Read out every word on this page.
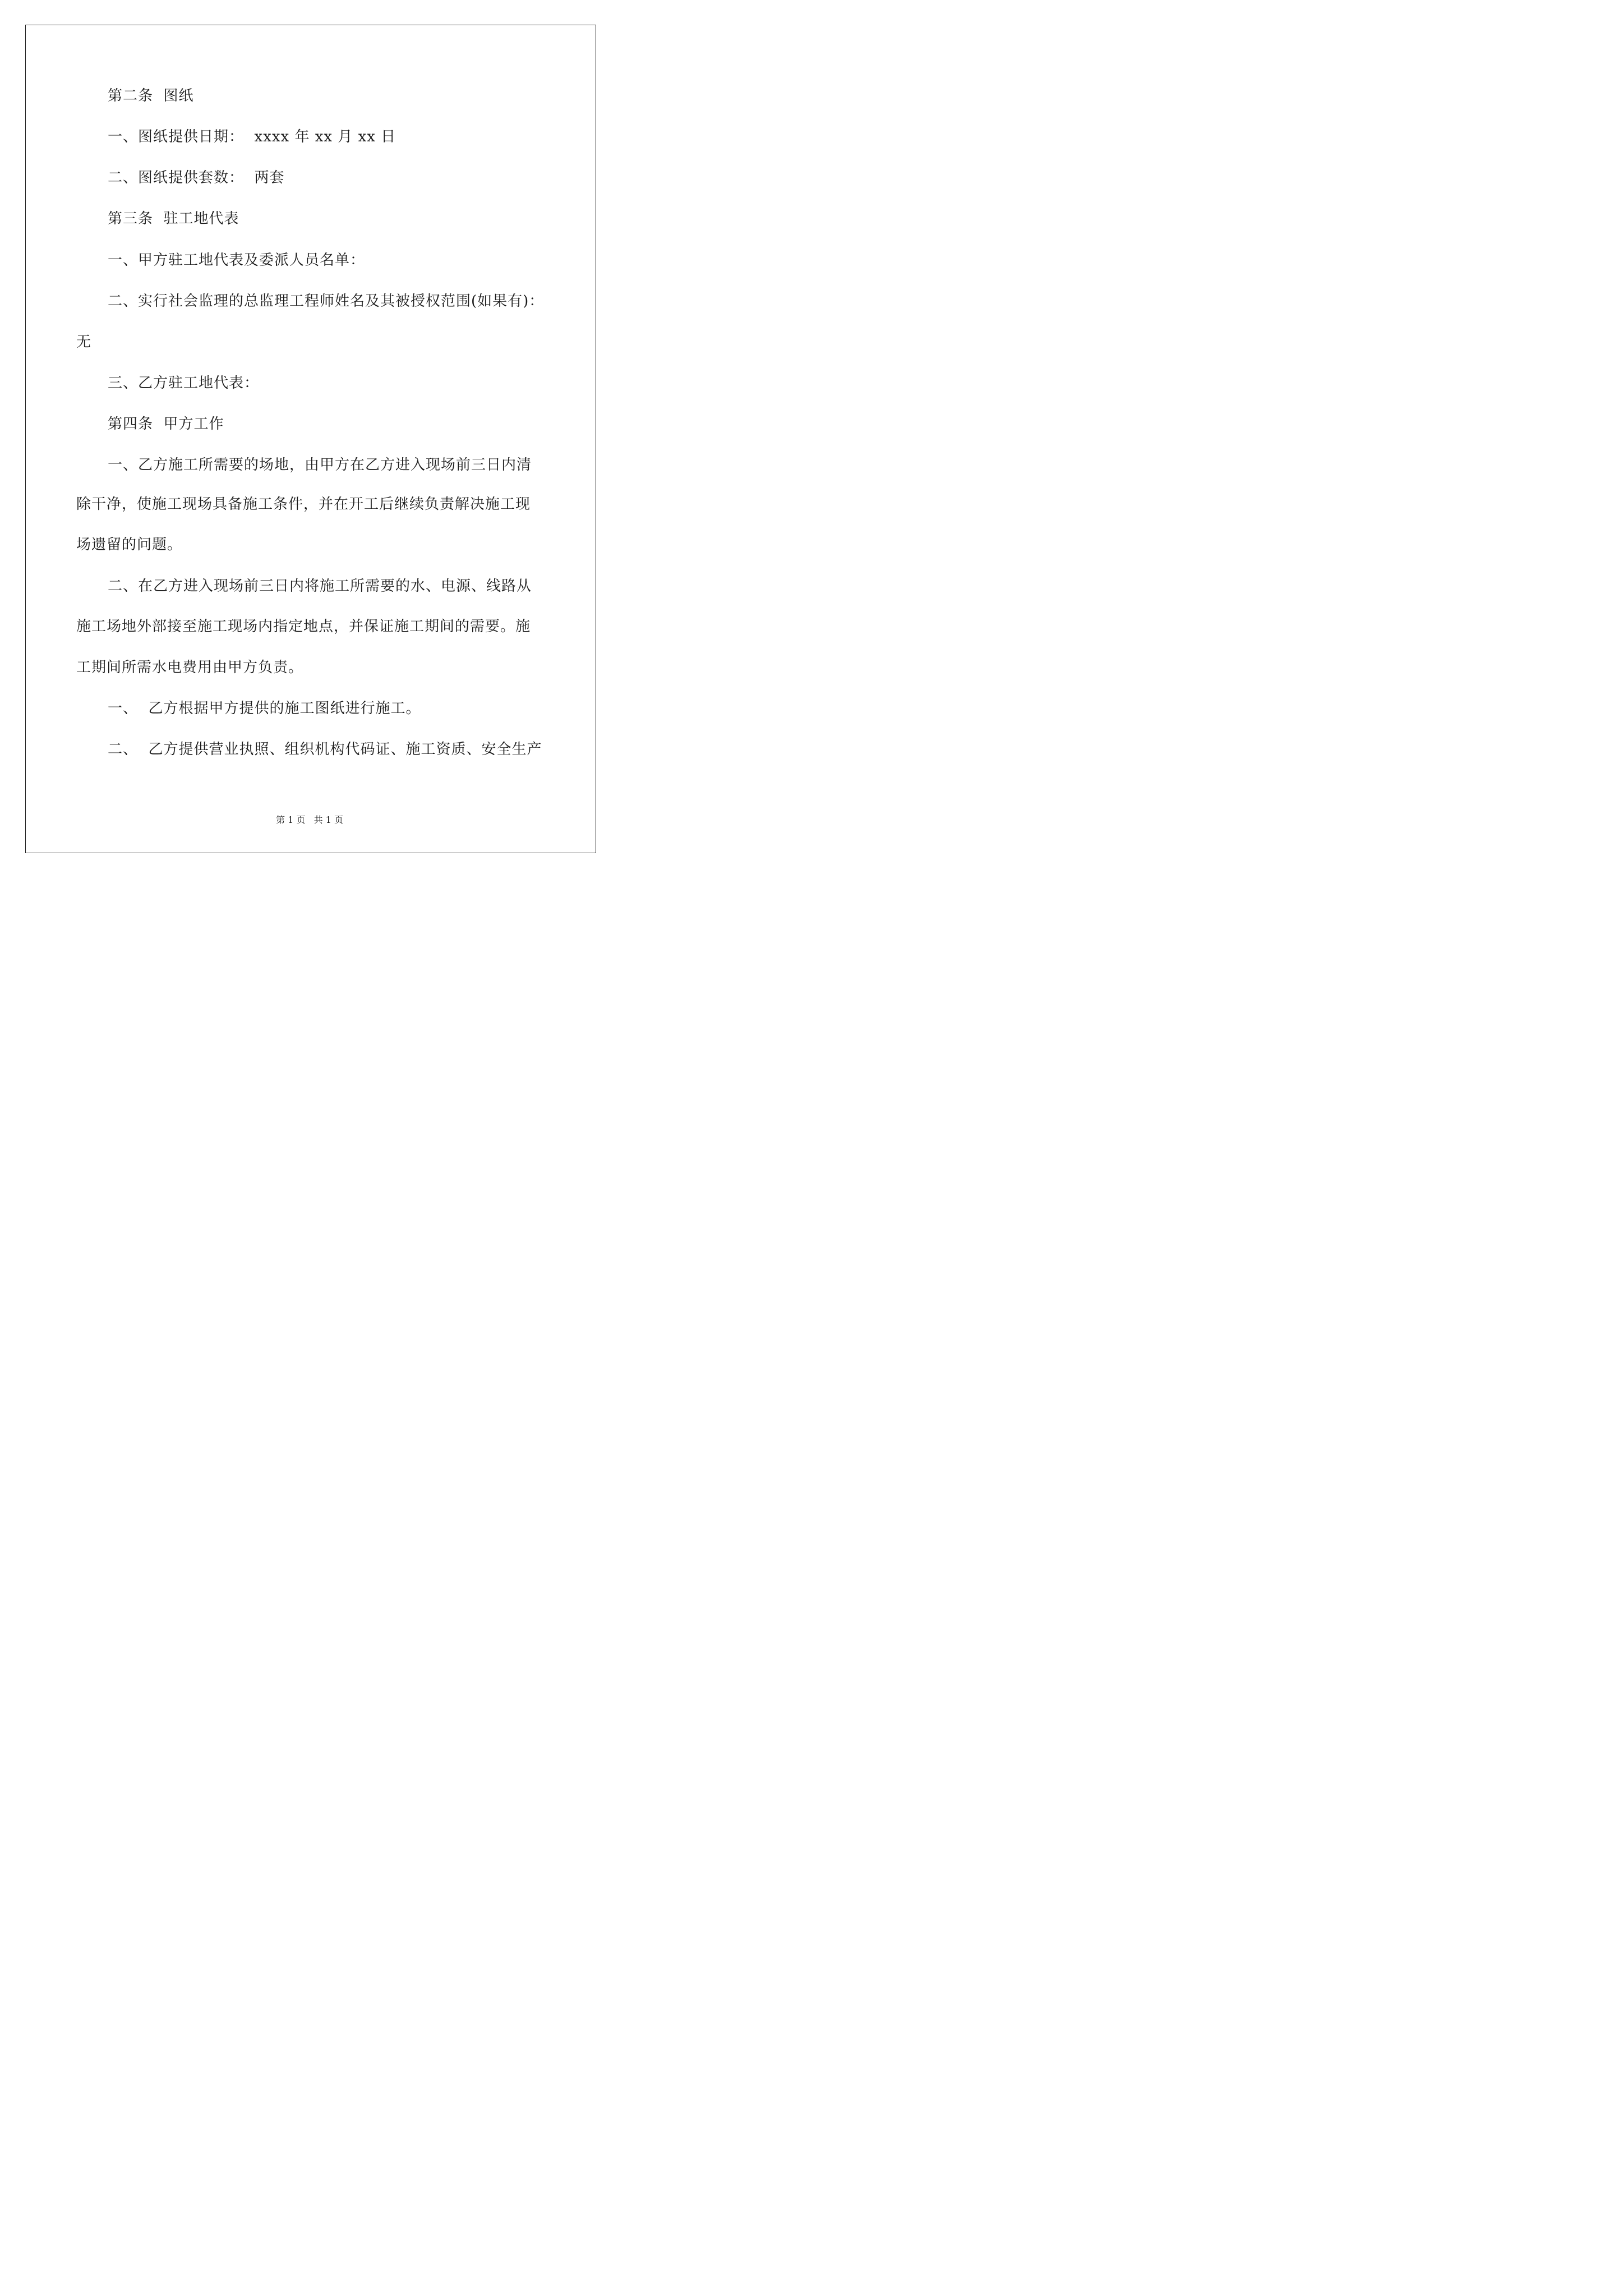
第二条  图纸
一、图纸提供日期：  xxxx 年 xx 月 xx 日
二、图纸提供套数：  两套
第三条  驻工地代表
一、甲方驻工地代表及委派人员名单：
二、实行社会监理的总监理工程师姓名及其被授权范围(如果有)：
无
三、乙方驻工地代表：
第四条  甲方工作
一、乙方施工所需要的场地，由甲方在乙方进入现场前三日内清
除干净，使施工现场具备施工条件，并在开工后继续负责解决施工现
场遗留的问题。
二、在乙方进入现场前三日内将施工所需要的水、电源、线路从
施工场地外部接至施工现场内指定地点，并保证施工期间的需要。施
工期间所需水电费用由甲方负责。
一、  乙方根据甲方提供的施工图纸进行施工。
二、  乙方提供营业执照、组织机构代码证、施工资质、安全生产
第 1 页   共 1 页
